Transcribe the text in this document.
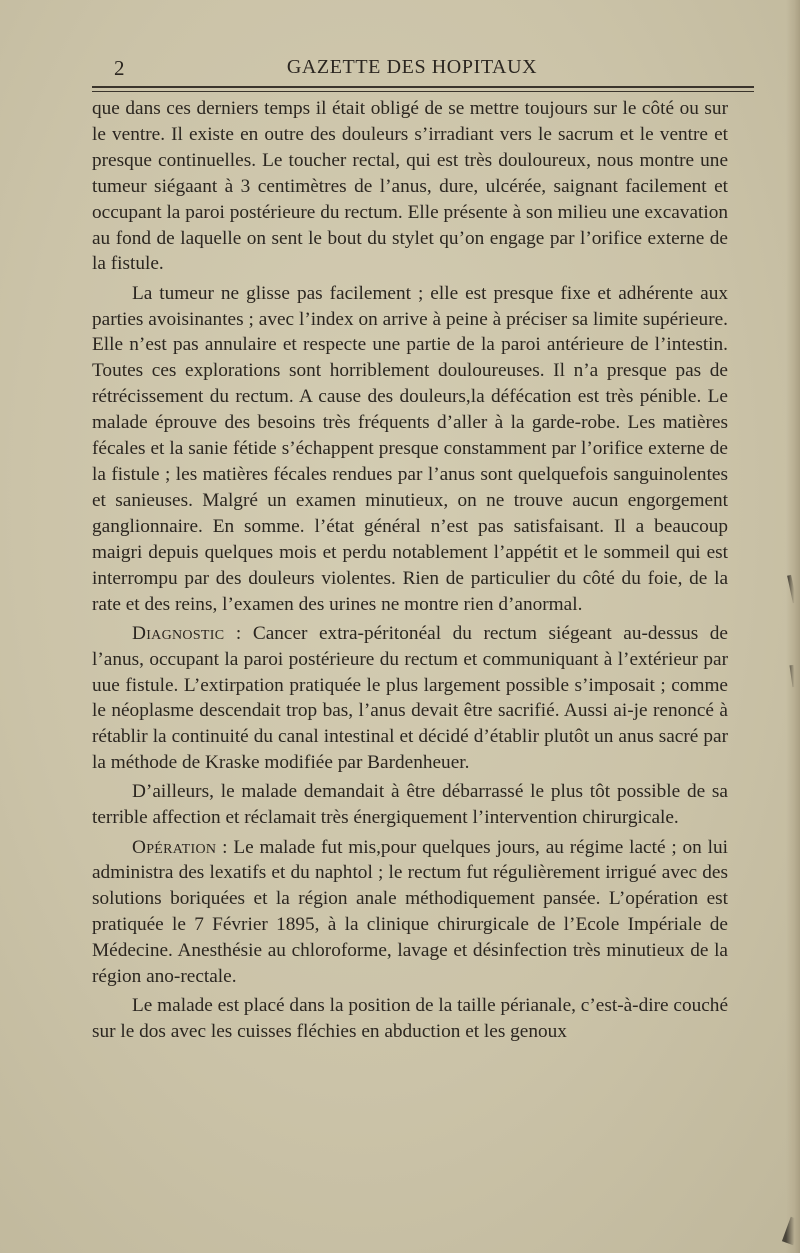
2	GAZETTE DES HOPITAUX

que dans ces derniers temps il était obligé de se mettre toujours sur le côté ou sur le ventre. Il existe en outre des douleurs s’irradiant vers le sacrum et le ventre et presque continuelles. Le toucher rectal, qui est très douloureux, nous montre une tumeur siégaant à 3 centimètres de l’anus, dure, ulcérée, saignant facilement et occupant la paroi postérieure du rectum. Elle présente à son milieu une excavation au fond de laquelle on sent le bout du stylet qu’on engage par l’orifice externe de la fistule.

La tumeur ne glisse pas facilement ; elle est presque fixe et adhérente aux parties avoisinantes ; avec l’index on arrive à peine à préciser sa limite supérieure. Elle n’est pas annulaire et respecte une partie de la paroi antérieure de l’intestin. Toutes ces explorations sont horriblement douloureuses. Il n’a presque pas de rétrécissement du rectum. A cause des douleurs,la défécation est très pénible. Le malade éprouve des besoins très fréquents d’aller à la garde-robe. Les matières fécales et la sanie fétide s’échappent presque constamment par l’orifice externe de la fistule ; les matières fécales rendues par l’anus sont quelquefois sanguinolentes et sanieuses. Malgré un examen minutieux, on ne trouve aucun engorgement ganglionnaire. En somme. l’état général n’est pas satisfaisant. Il a beaucoup maigri depuis quelques mois et perdu notablement l’appétit et le sommeil qui est interrompu par des douleurs violentes. Rien de particulier du côté du foie, de la rate et des reins, l’examen des urines ne montre rien d’anormal.

Diagnostic : Cancer extra-péritonéal du rectum siégeant au-dessus de l’anus, occupant la paroi postérieure du rectum et communiquant à l’extérieur par uue fistule. L’extirpation pratiquée le plus largement possible s’imposait ; comme le néoplasme descendait trop bas, l’anus devait être sacrifié. Aussi ai-je renoncé à rétablir la continuité du canal intestinal et décidé d’établir plutôt un anus sacré par la méthode de Kraske modifiée par Bardenheuer.

D’ailleurs, le malade demandait à être débarrassé le plus tôt possible de sa terrible affection et réclamait très énergiquement l’intervention chirurgicale.

Opération : Le malade fut mis,pour quelques jours, au régime lacté ; on lui administra des lexatifs et du naphtol ; le rectum fut régulièrement irrigué avec des solutions boriquées et la région anale méthodiquement pansée. L’opération est pratiquée le 7 Février 1895, à la clinique chirurgicale de l’Ecole Impériale de Médecine. Anesthésie au chloroforme, lavage et désinfection très minutieux de la région ano-rectale.

Le malade est placé dans la position de la taille périanale, c’est-à-dire couché sur le dos avec les cuisses fléchies en abduction et les genoux
